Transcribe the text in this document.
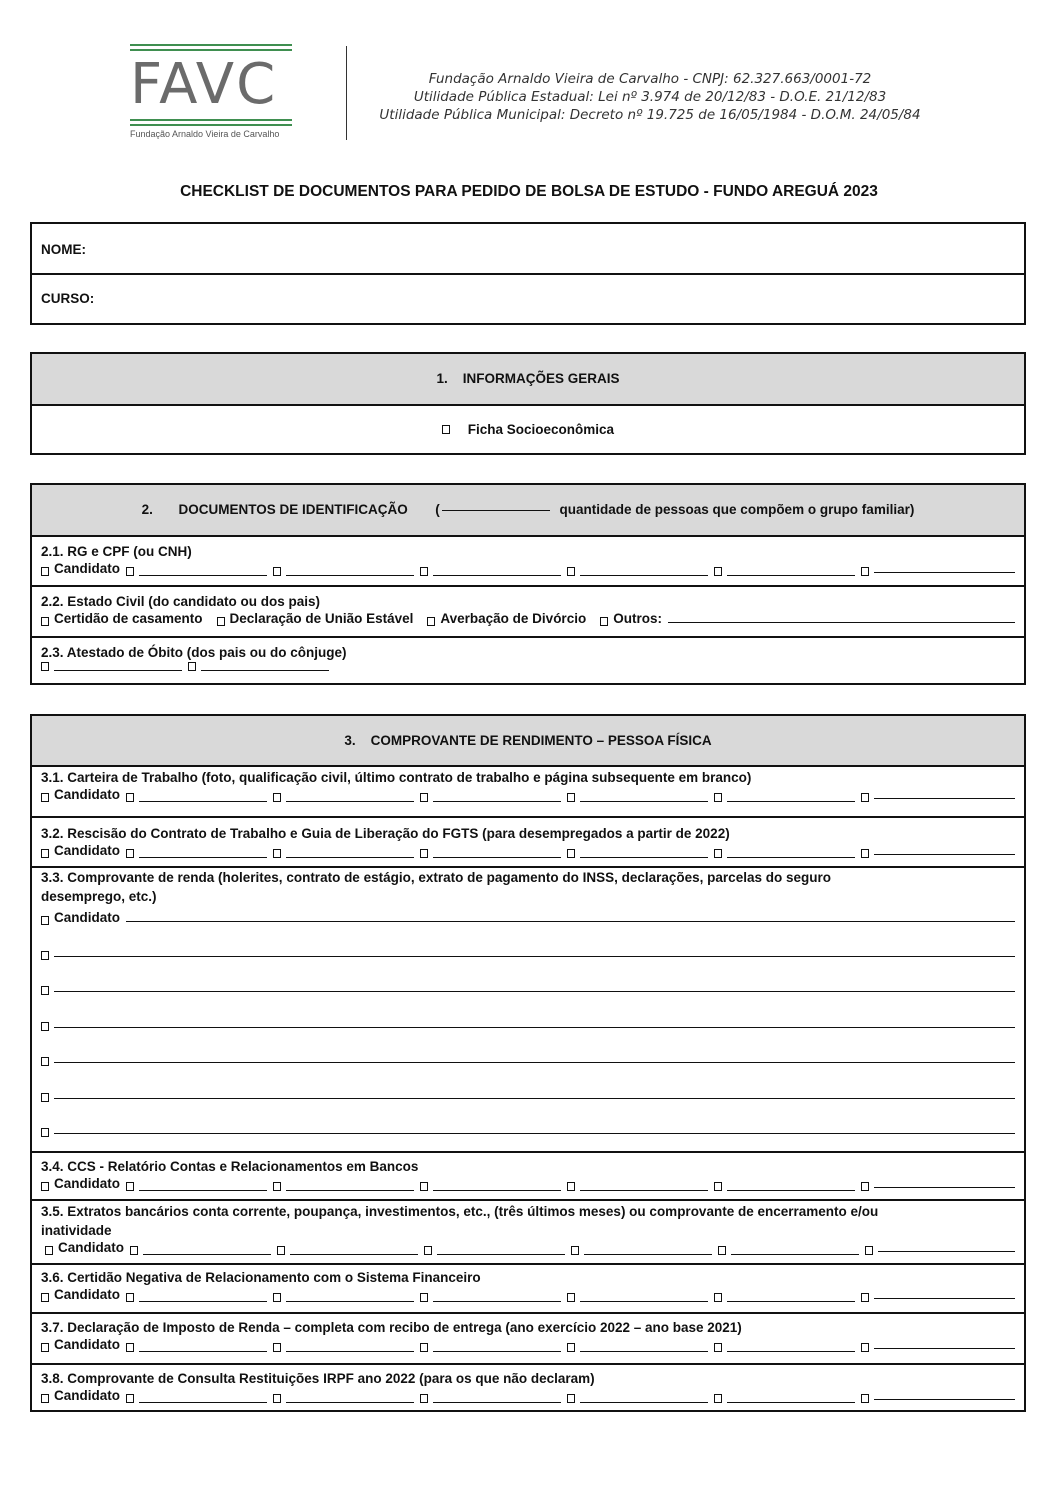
FAVC
Fundação Arnaldo Vieira de Carvalho
Fundação Arnaldo Vieira de Carvalho - CNPJ: 62.327.663/0001-72
Utilidade Pública Estadual: Lei nº 3.974 de 20/12/83 - D.O.E. 21/12/83
Utilidade Pública Municipal: Decreto nº 19.725 de 16/05/1984 - D.O.M. 24/05/84
CHECKLIST DE DOCUMENTOS PARA PEDIDO DE BOLSA DE ESTUDO - FUNDO AREGUÁ 2023
NOME:
CURSO:
1.    INFORMAÇÕES GERAIS
Ficha Socioeconômica
2. DOCUMENTOS DE IDENTIFICAÇÃO (	quantidade de pessoas que compõem o grupo familiar)
2.1. RG e CPF (ou CNH)
Candidato
2.2. Estado Civil (do candidato ou dos pais)
Certidão de casamento Declaração de União Estável Averbação de Divórcio Outros:
2.3. Atestado de Óbito (dos pais ou do cônjuge)
3.    COMPROVANTE DE RENDIMENTO – PESSOA FÍSICA
3.1. Carteira de Trabalho (foto, qualificação civil, último contrato de trabalho e página subsequente em branco)
Candidato
3.2. Rescisão do Contrato de Trabalho e Guia de Liberação do FGTS (para desempregados a partir de 2022)
Candidato
3.3. Comprovante de renda (holerites, contrato de estágio, extrato de pagamento do INSS, declarações, parcelas do seguro
desemprego, etc.)
Candidato
3.4. CCS - Relatório Contas e Relacionamentos em Bancos
Candidato
3.5. Extratos bancários conta corrente, poupança, investimentos, etc., (três últimos meses) ou comprovante de encerramento e/ou
inatividade
Candidato
3.6. Certidão Negativa de Relacionamento com o Sistema Financeiro
Candidato
3.7. Declaração de Imposto de Renda – completa com recibo de entrega (ano exercício 2022 – ano base 2021)
Candidato
3.8. Comprovante de Consulta Restituições IRPF ano 2022 (para os que não declaram)
Candidato
